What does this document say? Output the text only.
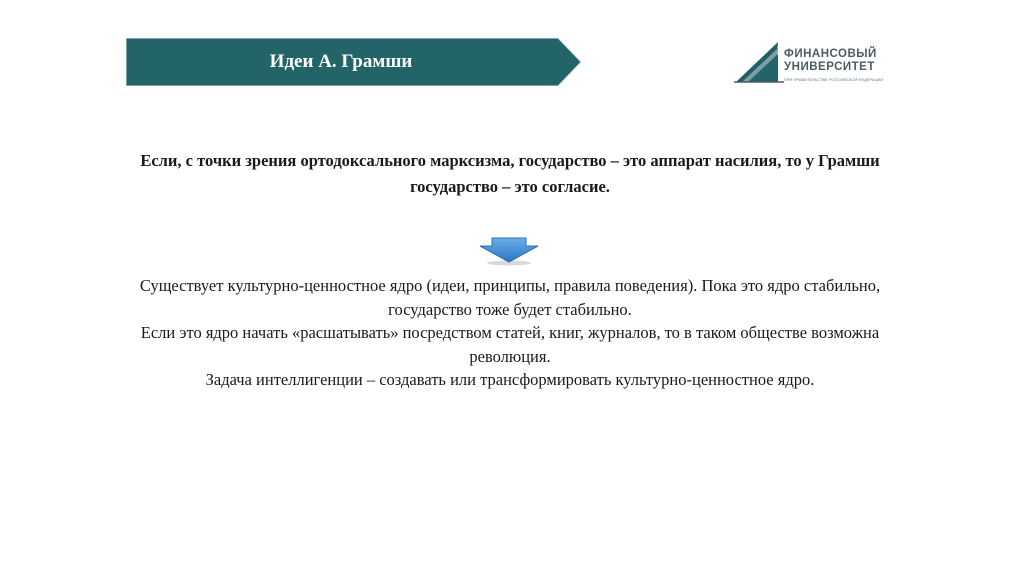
Идеи А. Грамши	ФИНАНСОВЫЙ
УНИВЕРСИТЕТ
ПРИ ПРАВИТЕЛЬСТВЕ РОССИЙСКОЙ ФЕДЕРАЦИИ
Если, с точки зрения ортодоксального марксизма, государство – это аппарат насилия, то у Грамши государство – это согласие.
Существует культурно-ценностное ядро (идеи, принципы, правила поведения). Пока это ядро стабильно, государство тоже будет стабильно.
Если это ядро начать «расшатывать» посредством статей, книг, журналов, то в таком обществе возможна революция.
Задача интеллигенции – создавать или трансформировать культурно-ценностное ядро.
